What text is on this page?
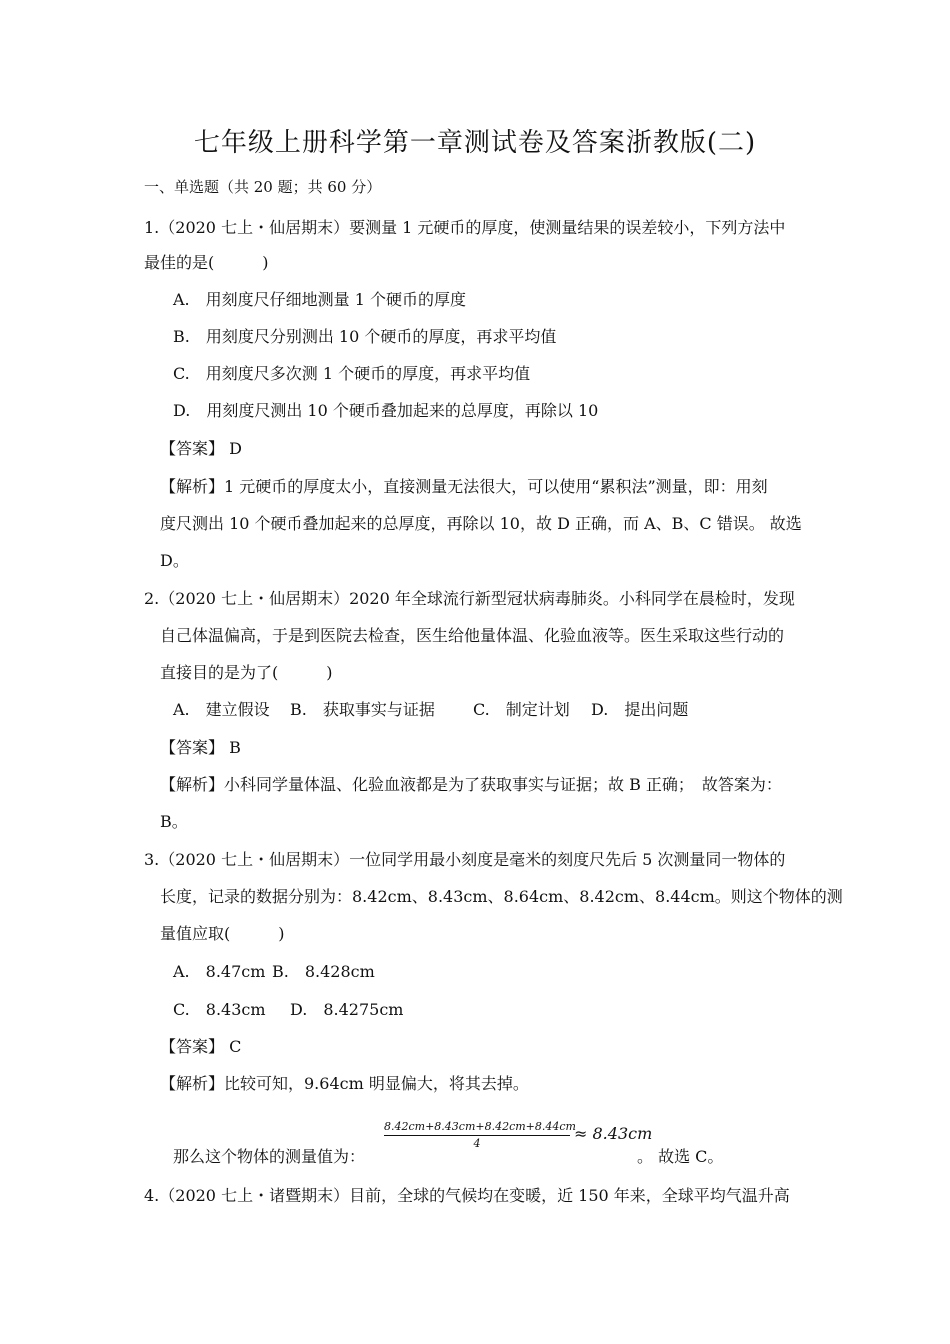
七年级上册科学第一章测试卷及答案浙教版(二)
一、单选题（共 20 题；共 60 分）
1.（2020 七上・仙居期末）要测量 1 元硬币的厚度，使测量结果的误差较小，下列方法中
最佳的是(　　　)
A.　用刻度尺仔细地测量 1 个硬币的厚度
B.　用刻度尺分别测出 10 个硬币的厚度，再求平均值
C.　用刻度尺多次测 1 个硬币的厚度，再求平均值
D.　用刻度尺测出 10 个硬币叠加起来的总厚度，再除以 10
【答案】 D
【解析】1 元硬币的厚度太小，直接测量无法很大，可以使用“累积法”测量，即：用刻
度尺测出 10 个硬币叠加起来的总厚度，再除以 10，故 D 正确，而 A、B、C 错误。 故选
D。
2.（2020 七上・仙居期末）2020 年全球流行新型冠状病毒肺炎。小科同学在晨检时，发现
自己体温偏高，于是到医院去检查，医生给他量体温、化验血液等。医生采取这些行动的
直接目的是为了(　　　)
A.　建立假设 B.　获取事实与证据 C.　制定计划 D.　提出问题
【答案】 B
【解析】小科同学量体温、化验血液都是为了获取事实与证据；故 B 正确；　故答案为：
B。
3.（2020 七上・仙居期末）一位同学用最小刻度是毫米的刻度尺先后 5 次测量同一物体的
长度，记录的数据分别为：8.42cm、8.43cm、8.64cm、8.42cm、8.44cm。则这个物体的测
量值应取(　　　)
A.　8.47cm B.　8.428cm
C.　8.43cm D.　8.4275cm
【答案】 C
【解析】比较可知，9.64cm 明显偏大，将其去掉。
$\frac{8.42cm+8.43cm+8.42cm+8.44cm}{4} \approx 8.43cm$
那么这个物体的测量值为：	。 故选 C。
4.（2020 七上・诸暨期末）目前，全球的气候均在变暖，近 150 年来，全球平均气温升高
